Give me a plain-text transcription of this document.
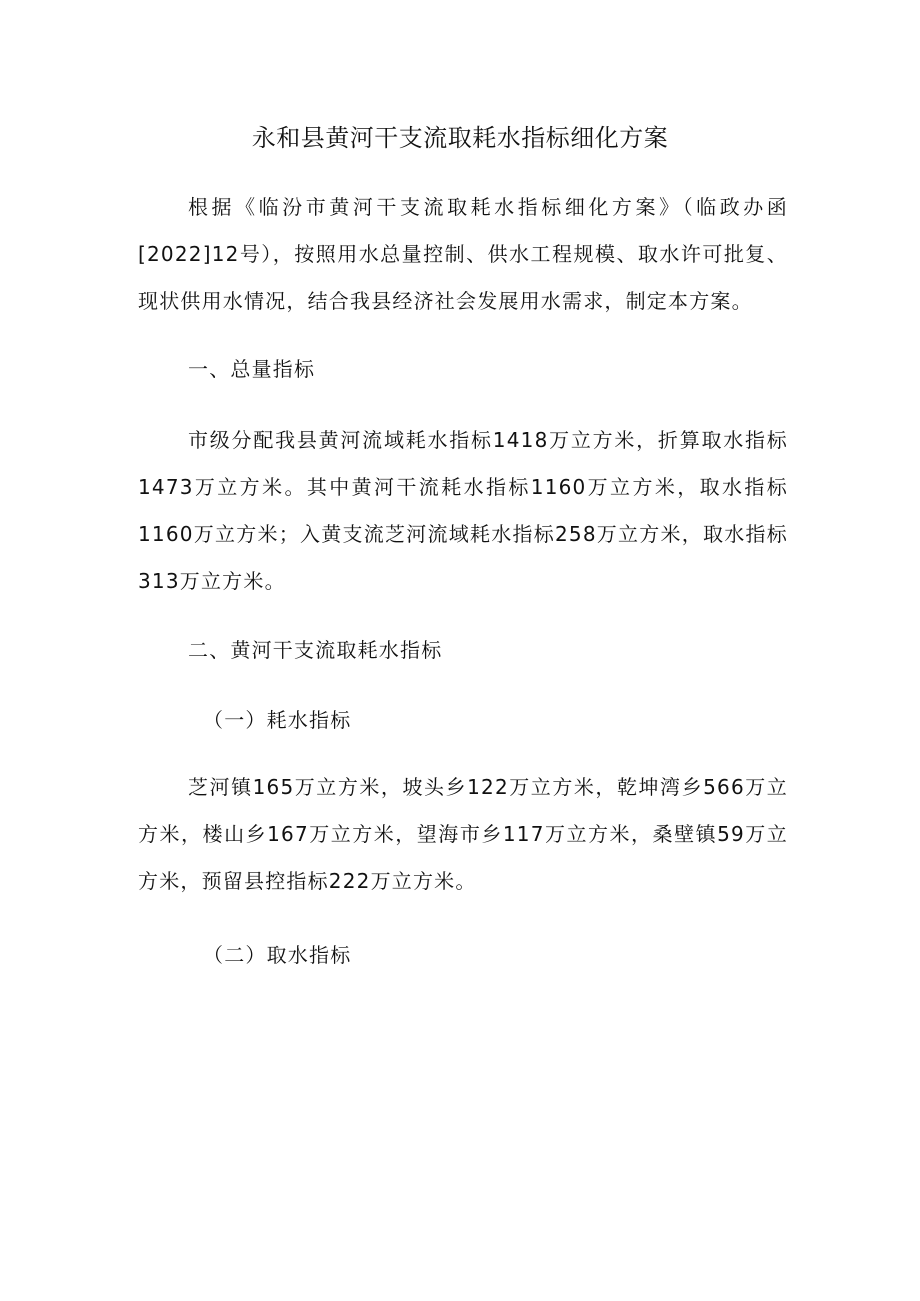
永和县黄河干支流取耗水指标细化方案
根据《临汾市黄河干支流取耗水指标细化方案》（临政办函[2022]12号），按照用水总量控制、供水工程规模、取水许可批复、现状供用水情况，结合我县经济社会发展用水需求，制定本方案。
一、总量指标
市级分配我县黄河流域耗水指标1418万立方米，折算取水指标1473万立方米。其中黄河干流耗水指标1160万立方米，取水指标1160万立方米；入黄支流芝河流域耗水指标258万立方米，取水指标313万立方米。
二、黄河干支流取耗水指标
（一）耗水指标
芝河镇165万立方米，坡头乡122万立方米，乾坤湾乡566万立方米，楼山乡167万立方米，望海市乡117万立方米，桑壁镇59万立方米，预留县控指标222万立方米。
（二）取水指标
